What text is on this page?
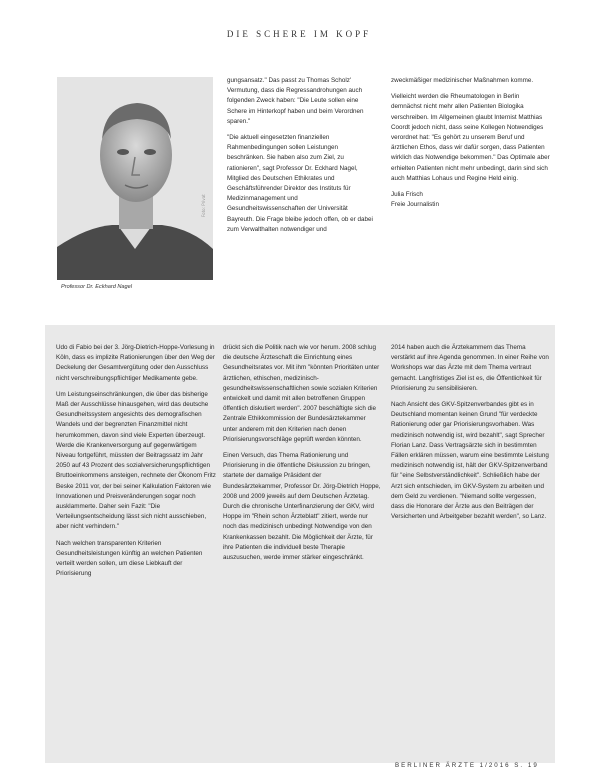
DIE SCHERE IM KOPF
Foto: Privat
Professor Dr. Eckhard Nagel

gungsansatz." Das passt zu Thomas Scholz' Vermutung, dass die Regressandrohungen auch folgenden Zweck haben: "Die Leute sollen eine Schere im Hinterkopf haben und beim Verordnen sparen."

"Die aktuell eingesetzten finanziellen Rahmenbedingungen sollen Leistungen beschränken. Sie haben also zum Ziel, zu rationieren", sagt Professor Dr. Eckhard Nagel, Mitglied des Deutschen Ethikrates und Geschäftsführender Direktor des Instituts für Medizinmanagement und Gesundheitswissenschaften der Universität Bayreuth. Die Frage bleibe jedoch offen, ob er dabei zum Verwalthalten notwendiger und

zweckmäßiger medizinischer Maßnahmen komme.

Vielleicht werden die Rheumatologen in Berlin demnächst nicht mehr allen Patienten Biologika verschreiben. Im Allgemeinen glaubt Internist Matthias Coordt jedoch nicht, dass seine Kollegen Notwendiges verordnet hat: "Es gehört zu unserem Beruf und ärztlichen Ethos, dass wir dafür sorgen, dass Patienten wirklich das Notwendige bekommen." Das Optimale aber erhielten Patienten nicht mehr unbedingt, darin sind sich auch Matthias Lohaus und Regine Held einig.

Julia Frisch
Freie Journalistin

Udo di Fabio bei der 3. Jörg-Dietrich-Hoppe-Vorlesung in Köln, dass es implizite Rationierungen über den Weg der Deckelung der Gesamtvergütung oder den Ausschluss nicht verschreibungspflichtiger Medikamente gebe.

Um Leistungseinschränkungen, die über das bisherige Maß der Ausschlüsse hinausgehen, wird das deutsche Gesundheitssystem angesichts des demografischen Wandels und der begrenzten Finanzmittel nicht herumkommen, davon sind viele Experten überzeugt. Werde die Krankenversorgung auf gegenwärtigem Niveau fortgeführt, müssten der Beitragssatz im Jahr 2050 auf 43 Prozent des sozialversicherungspflichtigen Bruttoeinkommens ansteigen, rechnete der Ökonom Fritz Beske 2011 vor, der bei seiner Kalkulation Faktoren wie Innovationen und Preisveränderungen sogar noch ausklammerte. Daher sein Fazit: "Die Verteilungsentscheidung lässt sich nicht ausschieben, aber nicht verhindern."

Nach welchen transparenten Kriterien Gesundheitsleistungen künftig an welchen Patienten verteilt werden sollen, um diese Liebkauft der Priorisierung

drückt sich die Politik nach wie vor herum. 2008 schlug die deutsche Ärzteschaft die Einrichtung eines Gesundheitsrates vor. Mit ihm "könnten Prioritäten unter ärztlichen, ethischen, medizinisch-gesundheitswissenschaftlichen sowie sozialen Kriterien entwickelt und damit mit allen betroffenen Gruppen öffentlich diskutiert werden". 2007 beschäftigte sich die Zentrale Ethikkommission der Bundesärztekammer unter anderem mit den Kriterien nach denen Priorisierungsvorschläge geprüft werden könnten.

Einen Versuch, das Thema Rationierung und Priorisierung in die öffentliche Diskussion zu bringen, startete der damalige Präsident der Bundesärztekammer, Professor Dr. Jörg-Dietrich Hoppe, 2008 und 2009 jeweils auf dem Deutschen Ärztetag. Durch die chronische Unterfinanzierung der GKV, wird Hoppe im "Rhein schon Ärzteblatt" zitiert, werde nur noch das medizinisch unbedingt Notwendige von den Krankenkassen bezahlt. Die Möglichkeit der Ärzte, für ihre Patienten die individuell beste Therapie auszusuchen, werde immer stärker eingeschränkt.

2014 haben auch die Ärztekammern das Thema verstärkt auf ihre Agenda genommen. In einer Reihe von Workshops war das Ärzte mit dem Thema vertraut gemacht. Langfristiges Ziel ist es, die Öffentlichkeit für Priorisierung zu sensibilisieren.

Nach Ansicht des GKV-Spitzenverbandes gibt es in Deutschland momentan keinen Grund "für verdeckte Rationierung oder gar Priorisierungsvorhaben. Was medizinisch notwendig ist, wird bezahlt", sagt Sprecher Florian Lanz. Dass Vertragsärzte sich in bestimmten Fällen erklären müssen, warum eine bestimmte Leistung medizinisch notwendig ist, hält der GKV-Spitzenverband für "eine Selbstverständlichkeit". Schließlich habe der Arzt sich entschieden, im GKV-System zu arbeiten und dem Geld zu verdienen. "Niemand sollte vergessen, dass die Honorare der Ärzte aus den Beiträgen der Versicherten und Arbeitgeber bezahlt werden", so Lanz.

BERLINER ÄRZTE 1/2016 S. 19
